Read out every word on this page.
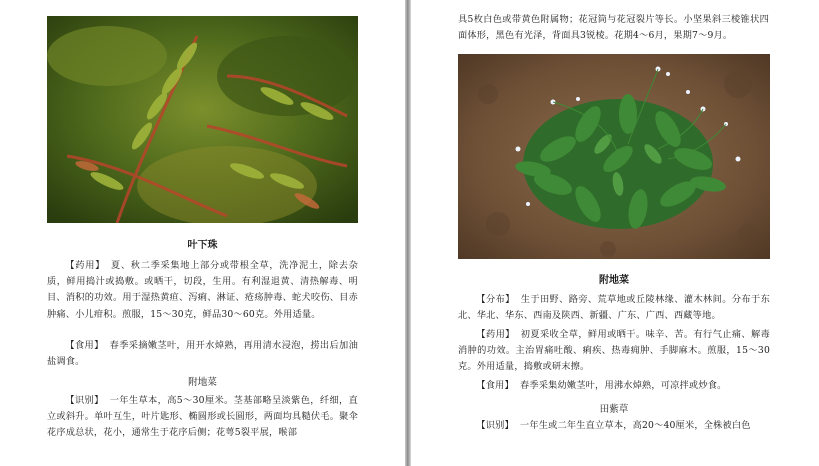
叶下珠

【药用】 夏、秋二季采集地上部分或带根全草，洗净泥土，除去杂质，鲜用捣汁或捣敷。或晒干，切段，生用。有利湿退黄、清热解毒、明目、消积的功效。用于湿热黄疸、泻痢、淋证、疮疡肿毒、蛇犬咬伤、目赤肿痛、小儿疳积。煎服，15～30克，鲜品30～60克。外用适量。

【食用】 春季采摘嫩茎叶，用开水焯熟，再用清水浸泡，捞出后加油盐调食。

附地菜

【识别】 一年生草本，高5～30厘米。茎基部略呈淡紫色，纤细，直立或斜升。单叶互生，叶片匙形、椭圆形或长圆形，两面均具糙伏毛。聚伞花序成总状，花小，通常生于花序后侧；花萼5裂平展，喉部

具5枚白色或带黄色附属物；花冠筒与花冠裂片等长。小坚果斜三棱锥状四面体形，黑色有光泽，背面具3锐棱。花期4～6月，果期7～9月。

附地菜

【分布】 生于田野、路旁、荒草地或丘陵林缘、灌木林间。分布于东北、华北、华东、西南及陕西、新疆、广东、广西、西藏等地。

【药用】 初夏采收全草，鲜用或晒干。味辛、苦。有行气止痛、解毒消肿的功效。主治胃痛吐酸、痢疾、热毒痈肿、手脚麻木。煎服，15～30克。外用适量，捣敷或研末擦。

【食用】 春季采集幼嫩茎叶，用沸水焯熟，可凉拌或炒食。

田紫草

【识别】 一年生或二年生直立草本，高20～40厘米，全株被白色
